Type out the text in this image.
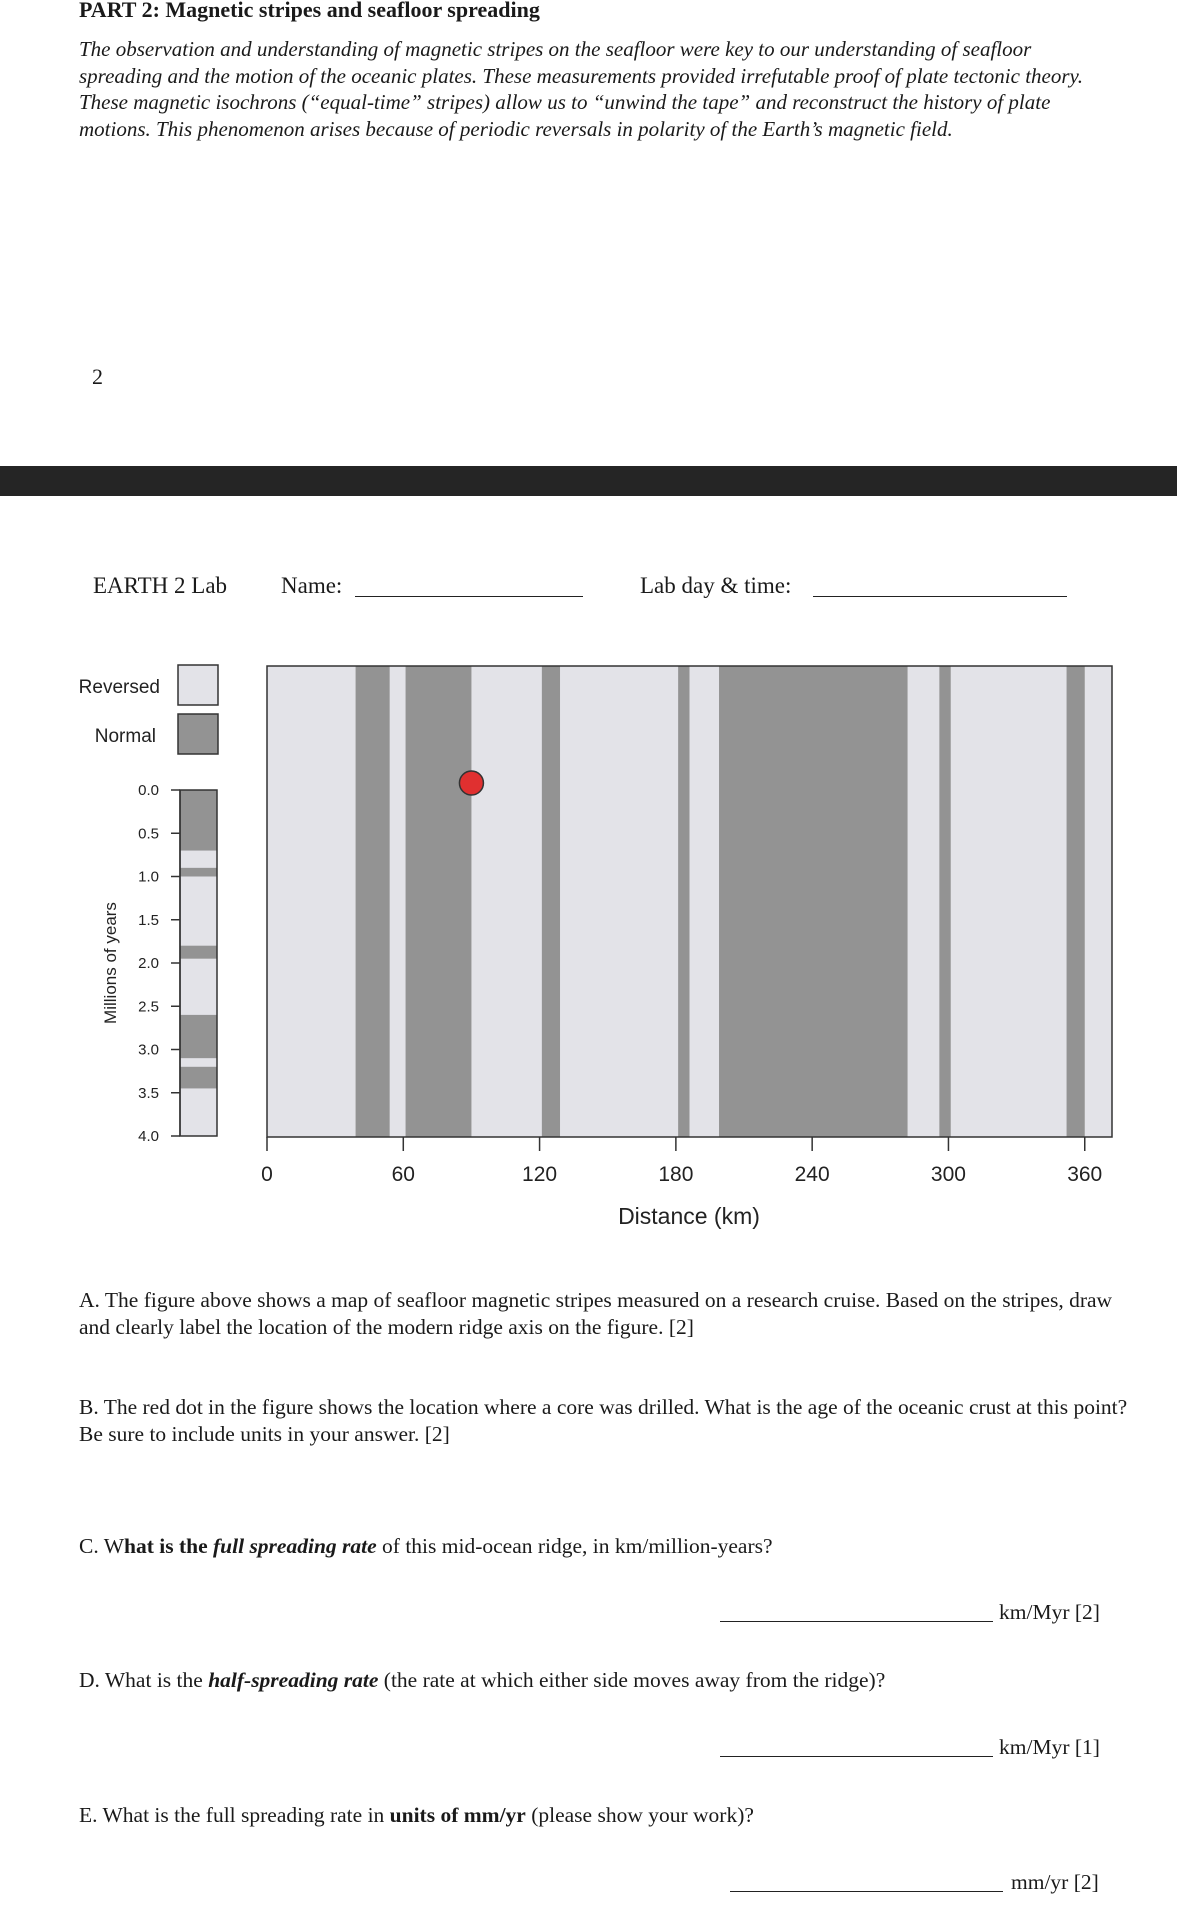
PART 2: Magnetic stripes and seafloor spreading
The observation and understanding of magnetic stripes on the seafloor were key to our understanding of seafloor spreading and the motion of the oceanic plates. These measurements provided irrefutable proof of plate tectonic theory. These magnetic isochrons (“equal-time” stripes) allow us to “unwind the tape” and reconstruct the history of plate motions. This phenomenon arises because of periodic reversals in polarity of the Earth’s magnetic field.
2
EARTH 2 Lab Name:	Lab day & time:
Reversed
Normal
0.0
0.5
1.0
1.5
2.0
2.5
3.0
3.5
4.0
Millions of years
0	60	120	180	240	300	360
Distance (km)
A. The figure above shows a map of seafloor magnetic stripes measured on a research cruise. Based on the stripes, draw and clearly label the location of the modern ridge axis on the figure. [2]
B. The red dot in the figure shows the location where a core was drilled. What is the age of the oceanic crust at this point? Be sure to include units in your answer. [2]
C. What is the full spreading rate of this mid-ocean ridge, in km/million-years?
km/Myr [2]
D. What is the half-spreading rate (the rate at which either side moves away from the ridge)?
km/Myr [1]
E. What is the full spreading rate in units of mm/yr (please show your work)?
mm/yr [2]
